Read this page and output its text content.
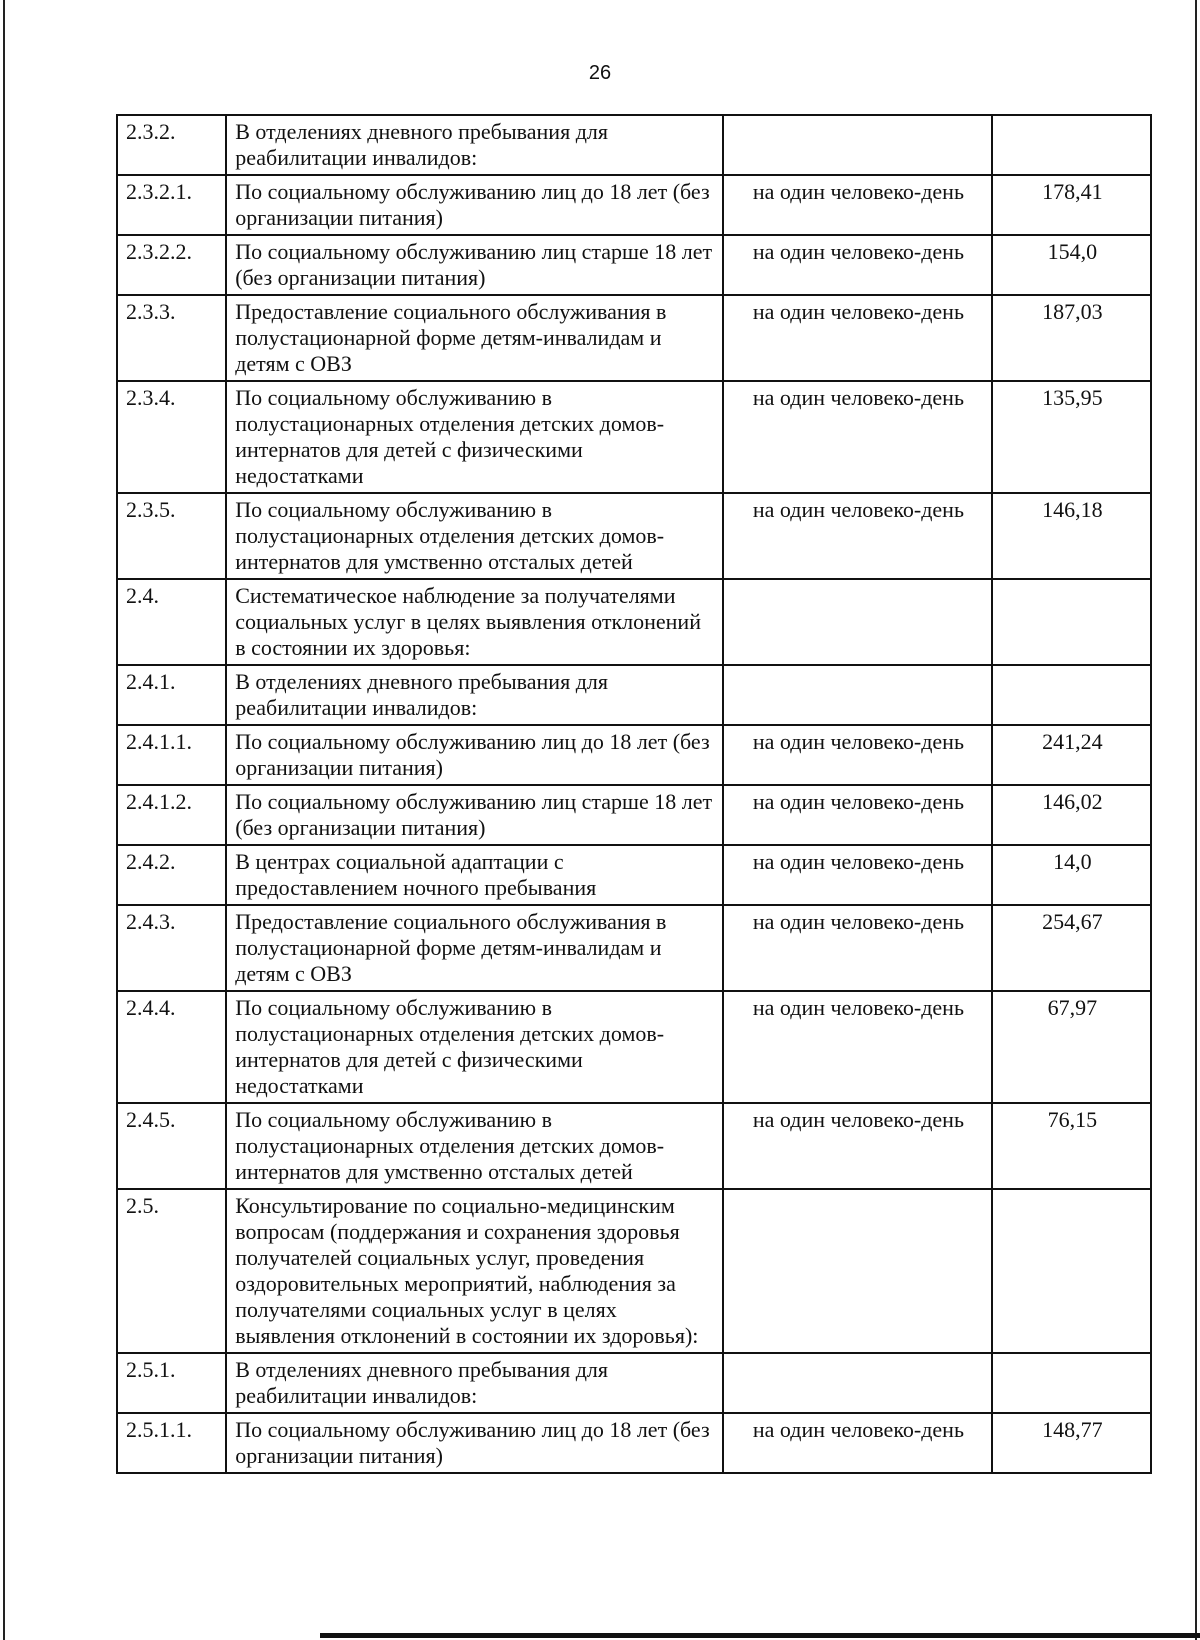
26
2.3.2.	В отделениях дневного пребывания для реабилитации инвалидов:		
2.3.2.1.	По социальному обслуживанию лиц до 18 лет (без организации питания)	на один человеко-день	178,41
2.3.2.2.	По социальному обслуживанию лиц старше 18 лет (без организации питания)	на один человеко-день	154,0
2.3.3.	Предоставление социального обслуживания в полустационарной форме детям-инвалидам и детям с ОВЗ	на один человеко-день	187,03
2.3.4.	По социальному обслуживанию в полустационарных отделения детских домов-интернатов для детей с физическими недостатками	на один человеко-день	135,95
2.3.5.	По социальному обслуживанию в полустационарных отделения детских домов-интернатов для умственно отсталых детей	на один человеко-день	146,18
2.4.	Систематическое наблюдение за получателями социальных услуг в целях выявления отклонений в состоянии их здоровья:		
2.4.1.	В отделениях дневного пребывания для реабилитации инвалидов:		
2.4.1.1.	По социальному обслуживанию лиц до 18 лет (без организации питания)	на один человеко-день	241,24
2.4.1.2.	По социальному обслуживанию лиц старше 18 лет (без организации питания)	на один человеко-день	146,02
2.4.2.	В центрах социальной адаптации с предоставлением ночного пребывания	на один человеко-день	14,0
2.4.3.	Предоставление социального обслуживания в полустационарной форме детям-инвалидам и детям с ОВЗ	на один человеко-день	254,67
2.4.4.	По социальному обслуживанию в полустационарных отделения детских домов-интернатов для детей с физическими недостатками	на один человеко-день	67,97
2.4.5.	По социальному обслуживанию в полустационарных отделения детских домов-интернатов для умственно отсталых детей	на один человеко-день	76,15
2.5.	Консультирование по социально-медицинским вопросам (поддержания и сохранения здоровья получателей социальных услуг, проведения оздоровительных мероприятий, наблюдения за получателями социальных услуг в целях выявления отклонений в состоянии их здоровья):		
2.5.1.	В отделениях дневного пребывания для реабилитации инвалидов:		
2.5.1.1.	По социальному обслуживанию лиц до 18 лет (без организации питания)	на один человеко-день	148,77
